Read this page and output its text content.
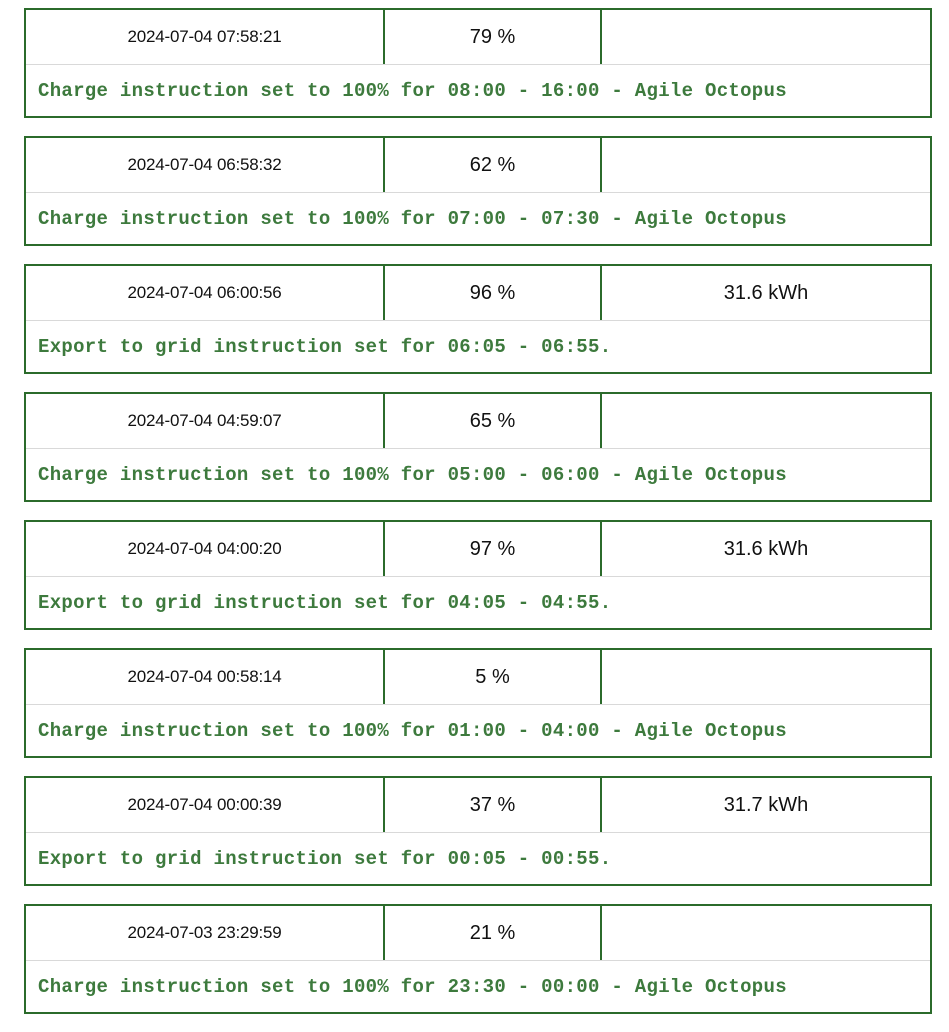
2024-07-04 07:58:21	79 %
Charge instruction set to 100% for 08:00 - 16:00 - Agile Octopus
2024-07-04 06:58:32	62 %
Charge instruction set to 100% for 07:00 - 07:30 - Agile Octopus
2024-07-04 06:00:56	96 %	31.6 kWh
Export to grid instruction set for 06:05 - 06:55.
2024-07-04 04:59:07	65 %
Charge instruction set to 100% for 05:00 - 06:00 - Agile Octopus
2024-07-04 04:00:20	97 %	31.6 kWh
Export to grid instruction set for 04:05 - 04:55.
2024-07-04 00:58:14	5 %
Charge instruction set to 100% for 01:00 - 04:00 - Agile Octopus
2024-07-04 00:00:39	37 %	31.7 kWh
Export to grid instruction set for 00:05 - 00:55.
2024-07-03 23:29:59	21 %
Charge instruction set to 100% for 23:30 - 00:00 - Agile Octopus
